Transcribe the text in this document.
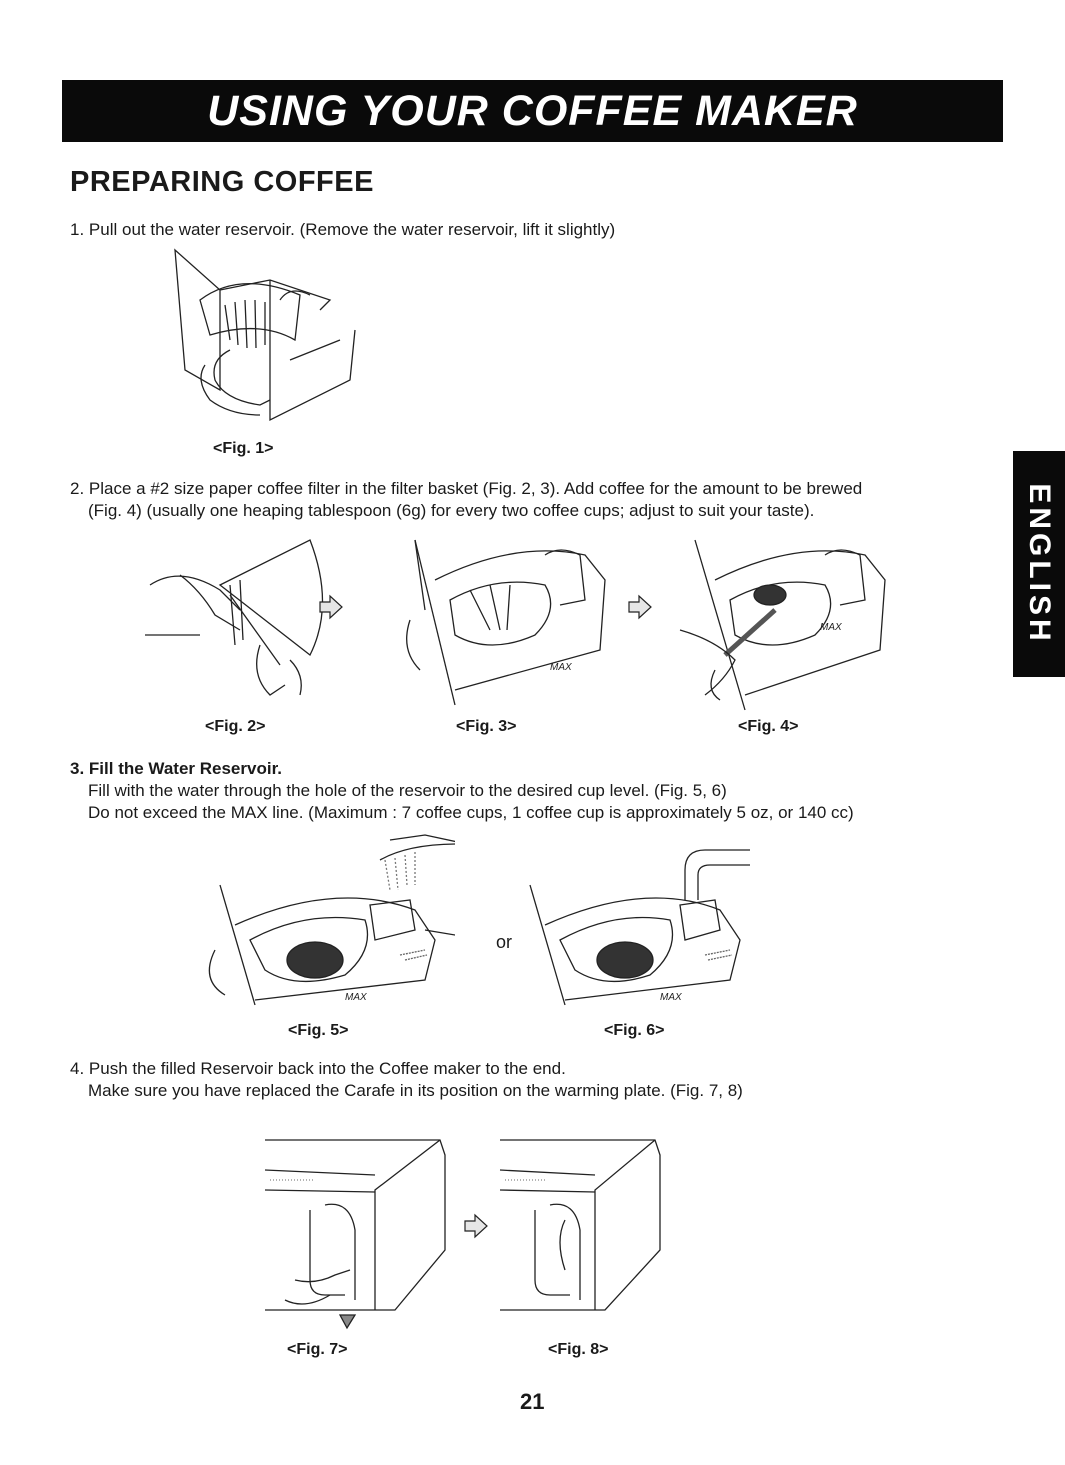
USING YOUR COFFEE MAKER
PREPARING COFFEE
ENGLISH
1. Pull out the water reservoir. (Remove the water reservoir, lift it slightly)
<Fig. 1>
2. Place a #2 size paper coffee filter in the filter basket (Fig. 2, 3). Add coffee for the amount to be brewed
(Fig. 4) (usually one heaping tablespoon (6g) for every two coffee cups; adjust to suit your taste).
MAX
MAX
<Fig. 2>	<Fig. 3>	<Fig. 4>
3. Fill the Water Reservoir.
Fill with the water through the hole of the reservoir to the desired cup level. (Fig. 5, 6)
Do not exceed the MAX line. (Maximum : 7 coffee cups, 1 coffee cup is approximately 5 oz, or 140 cc)
MAX
or
MAX
<Fig. 5>	<Fig. 6>
4. Push the filled Reservoir back into the Coffee maker to the end.
Make sure you have replaced the Carafe in its position on the warming plate. (Fig. 7, 8)
<Fig. 7>	<Fig. 8>
21
